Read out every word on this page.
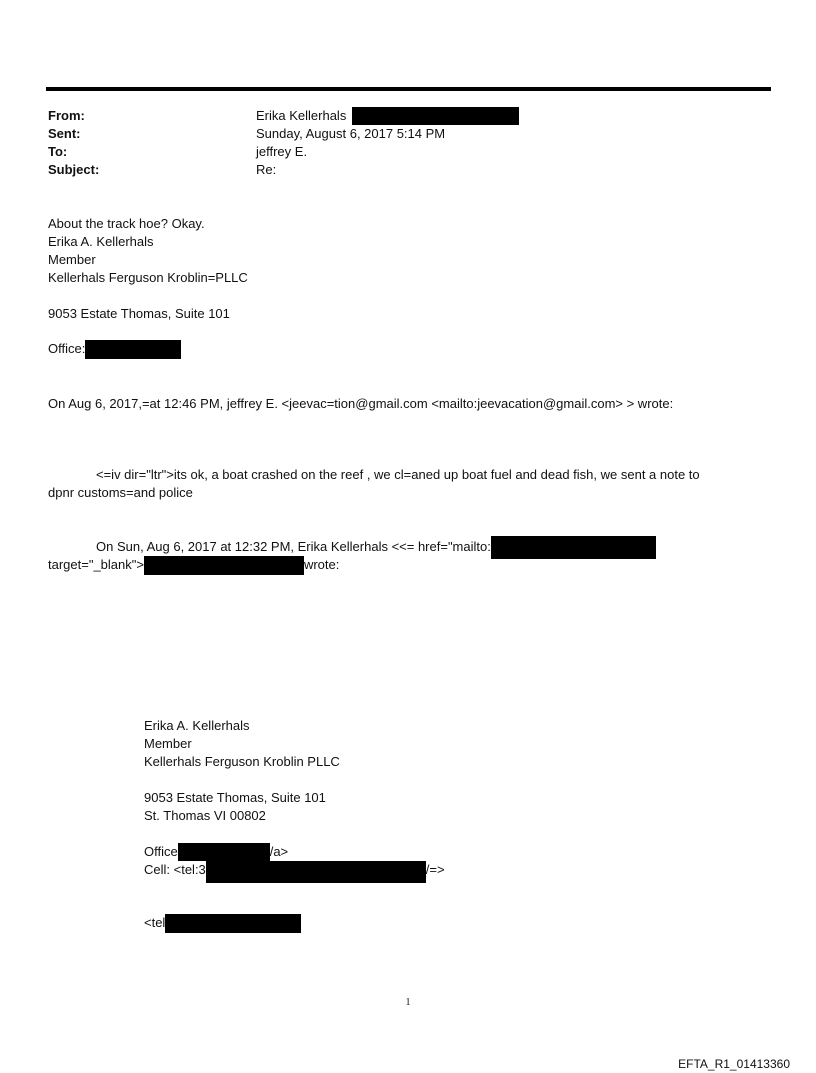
From:	Erika Kellerhals
Sent:	Sunday, August 6, 2017 5:14 PM
To:	jeffrey E.
Subject:	Re:
About the track hoe? Okay.
Erika A. Kellerhals
Member
Kellerhals Ferguson Kroblin=PLLC
9053 Estate Thomas, Suite 101
Office:
On Aug 6, 2017,=at 12:46 PM, jeffrey E. <jeevac=tion@gmail.com <mailto:jeevacation@gmail.com> > wrote:
<=iv dir="ltr">its ok, a boat crashed on the reef , we cl=aned up boat fuel and dead fish, we sent a note to
dpnr customs=and police
On Sun, Aug 6, 2017 at 12:32 PM, Erika Kellerhals <<= href="mailto:
target="_blank">	wrote:
Erika A. Kellerhals
Member
Kellerhals Ferguson Kroblin PLLC
9053 Estate Thomas, Suite 101
St. Thomas VI 00802
Office	/a>
Cell: <tel:3	/=>
<tel
1
EFTA_R1_01413360
